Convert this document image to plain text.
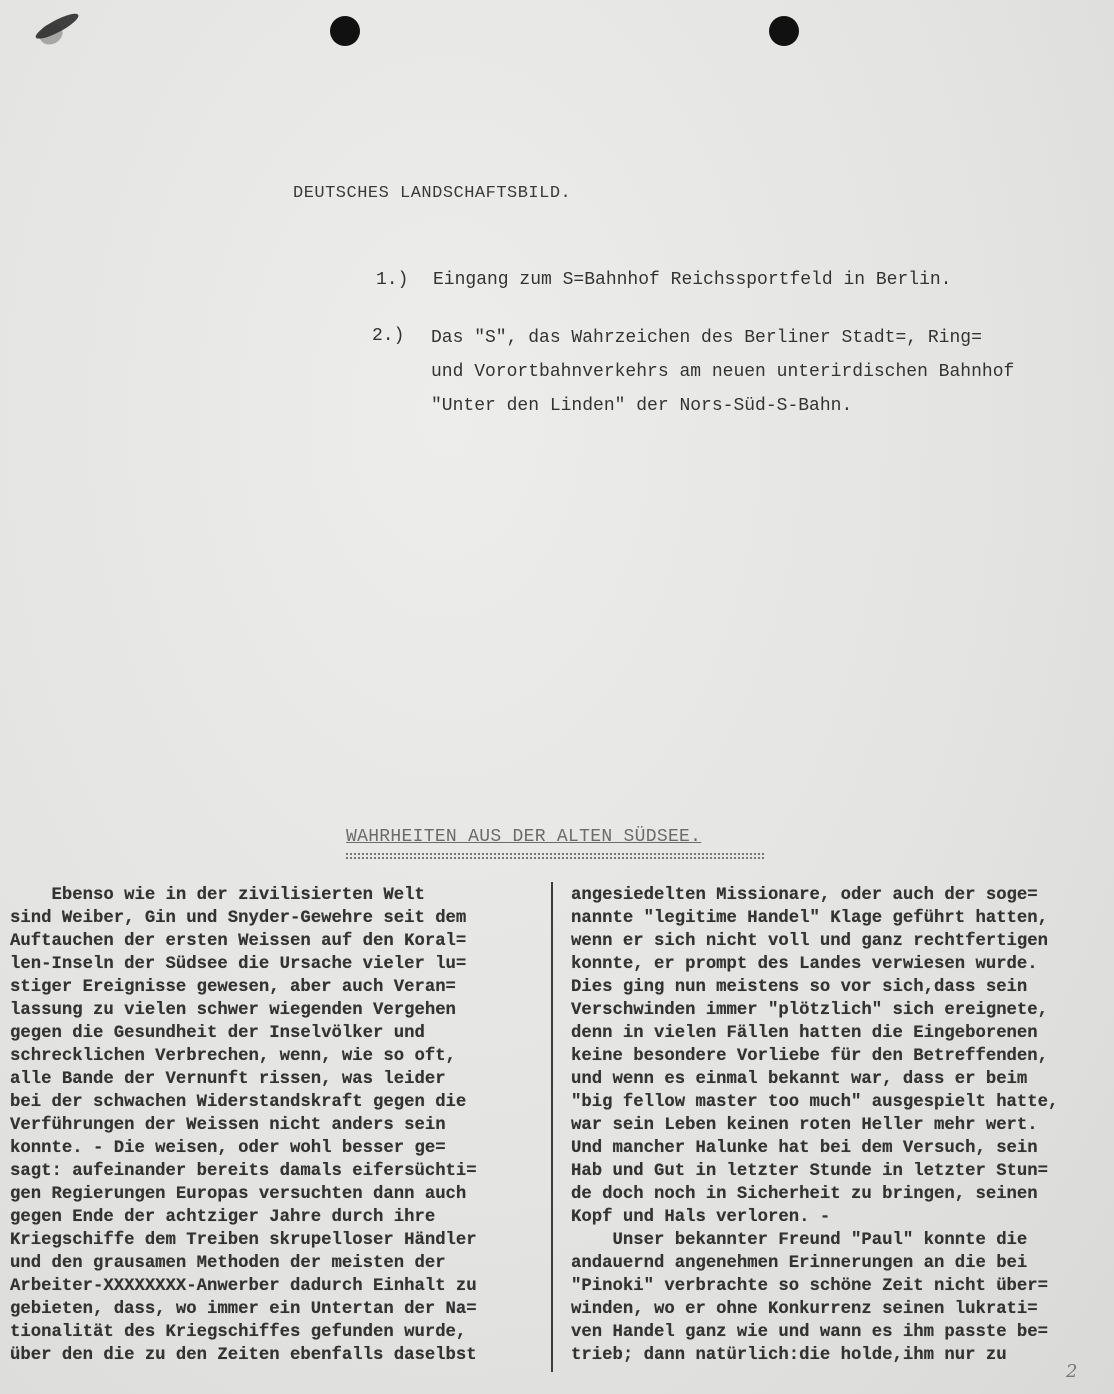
DEUTSCHES LANDSCHAFTSBILD.
1.) Eingang zum S=Bahnhof Reichssportfeld in Berlin.
2.) Das "S", das Wahrzeichen des Berliner Stadt=, Ring=
und Vorortbahnverkehrs am neuen unterirdischen Bahnhof
"Unter den Linden" der Nors-Süd-S-Bahn.
WAHRHEITEN AUS DER ALTEN SÜDSEE.
Ebenso wie in der zivilisierten Welt
sind Weiber, Gin und Snyder-Gewehre seit dem
Auftauchen der ersten Weissen auf den Koral=
len-Inseln der Südsee die Ursache vieler lu=
stiger Ereignisse gewesen, aber auch Veran=
lassung zu vielen schwer wiegenden Vergehen
gegen die Gesundheit der Inselvölker und
schrecklichen Verbrechen, wenn, wie so oft,
alle Bande der Vernunft rissen, was leider
bei der schwachen Widerstandskraft gegen die
Verführungen der Weissen nicht anders sein
konnte. - Die weisen, oder wohl besser ge=
sagt: aufeinander bereits damals eifersüchti=
gen Regierungen Europas versuchten dann auch
gegen Ende der achtziger Jahre durch ihre
Kriegschiffe dem Treiben skrupelloser Händler
und den grausamen Methoden der meisten der
Arbeiter-XXXXXXXX-Anwerber dadurch Einhalt zu
gebieten, dass, wo immer ein Untertan der Na=
tionalität des Kriegschiffes gefunden wurde,
über den die zu den Zeiten ebenfalls daselbst
angesiedelten Missionare, oder auch der soge=
nannte "legitime Handel" Klage geführt hatten,
wenn er sich nicht voll und ganz rechtfertigen
konnte, er prompt des Landes verwiesen wurde.
Dies ging nun meistens so vor sich,dass sein
Verschwinden immer "plötzlich" sich ereignete,
denn in vielen Fällen hatten die Eingeborenen
keine besondere Vorliebe für den Betreffenden,
und wenn es einmal bekannt war, dass er beim
"big fellow master too much" ausgespielt hatte,
war sein Leben keinen roten Heller mehr wert.
Und mancher Halunke hat bei dem Versuch, sein
Hab und Gut in letzter Stunde in letzter Stun=
de doch noch in Sicherheit zu bringen, seinen
Kopf und Hals verloren. -
Unser bekannter Freund "Paul" konnte die
andauernd angenehmen Erinnerungen an die bei
"Pinoki" verbrachte so schöne Zeit nicht über=
winden, wo er ohne Konkurrenz seinen lukrati=
ven Handel ganz wie und wann es ihm passte be=
trieb; dann natürlich:die holde,ihm nur zu
2
